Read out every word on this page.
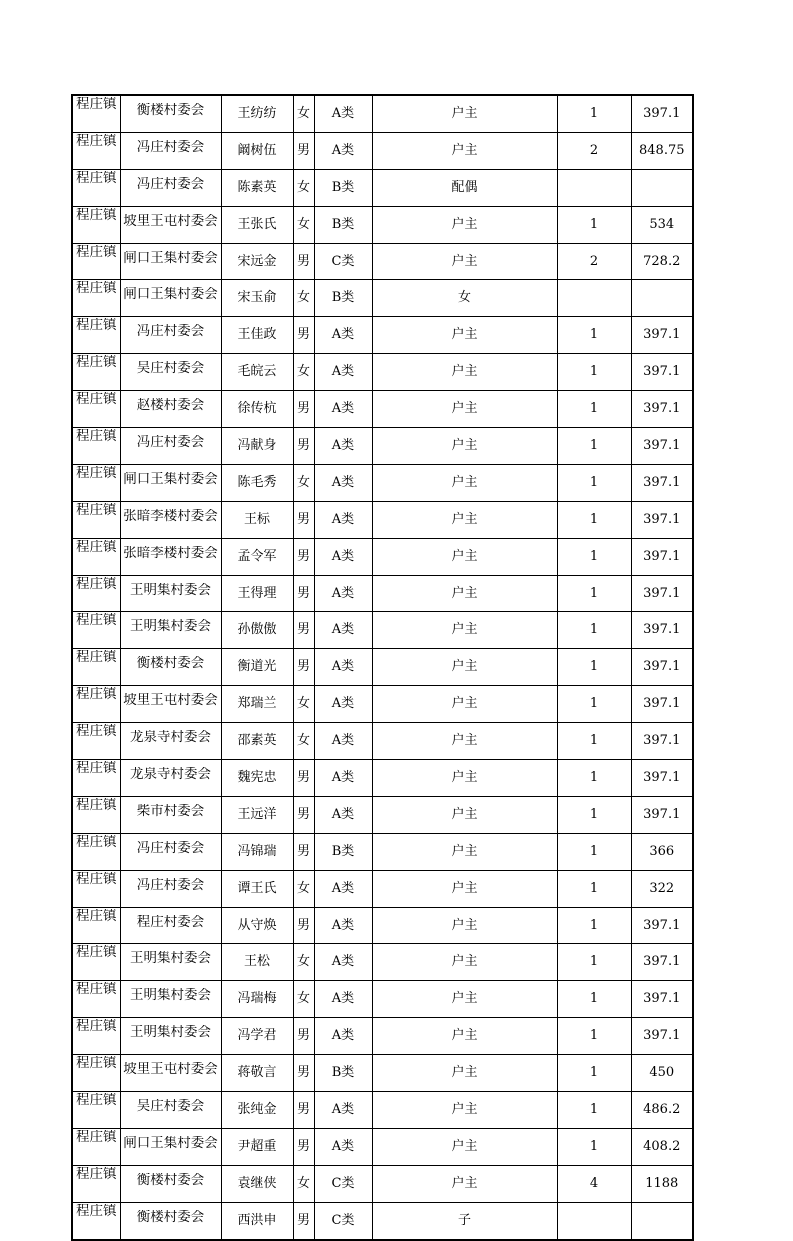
程庄镇	衡楼村委会	王纺纺	女	A类	户主	1	397.1

程庄镇	冯庄村委会	阚树伍	男	A类	户主	2	848.75

程庄镇	冯庄村委会	陈素英	女	B类	配偶		

程庄镇	坡里王屯村委会	王张氏	女	B类	户主	1	534

程庄镇	闸口王集村委会	宋远金	男	C类	户主	2	728.2

程庄镇	闸口王集村委会	宋玉俞	女	B类	女		

程庄镇	冯庄村委会	王佳政	男	A类	户主	1	397.1

程庄镇	吴庄村委会	毛皖云	女	A类	户主	1	397.1

程庄镇	赵楼村委会	徐传杭	男	A类	户主	1	397.1

程庄镇	冯庄村委会	冯献身	男	A类	户主	1	397.1

程庄镇	闸口王集村委会	陈毛秀	女	A类	户主	1	397.1

程庄镇	张暗李楼村委会	王标	男	A类	户主	1	397.1

程庄镇	张暗李楼村委会	孟令军	男	A类	户主	1	397.1

程庄镇	王明集村委会	王得理	男	A类	户主	1	397.1

程庄镇	王明集村委会	孙傲傲	男	A类	户主	1	397.1

程庄镇	衡楼村委会	衡道光	男	A类	户主	1	397.1

程庄镇	坡里王屯村委会	郑瑞兰	女	A类	户主	1	397.1

程庄镇	龙泉寺村委会	邵素英	女	A类	户主	1	397.1

程庄镇	龙泉寺村委会	魏宪忠	男	A类	户主	1	397.1

程庄镇	柴市村委会	王远洋	男	A类	户主	1	397.1

程庄镇	冯庄村委会	冯锦瑞	男	B类	户主	1	366

程庄镇	冯庄村委会	谭王氏	女	A类	户主	1	322

程庄镇	程庄村委会	从守焕	男	A类	户主	1	397.1

程庄镇	王明集村委会	王松	女	A类	户主	1	397.1

程庄镇	王明集村委会	冯瑞梅	女	A类	户主	1	397.1

程庄镇	王明集村委会	冯学君	男	A类	户主	1	397.1

程庄镇	坡里王屯村委会	蒋敬言	男	B类	户主	1	450

程庄镇	吴庄村委会	张纯金	男	A类	户主	1	486.2

程庄镇	闸口王集村委会	尹超重	男	A类	户主	1	408.2

程庄镇	衡楼村委会	袁继侠	女	C类	户主	4	1188

程庄镇	衡楼村委会	西洪申	男	C类	子		
